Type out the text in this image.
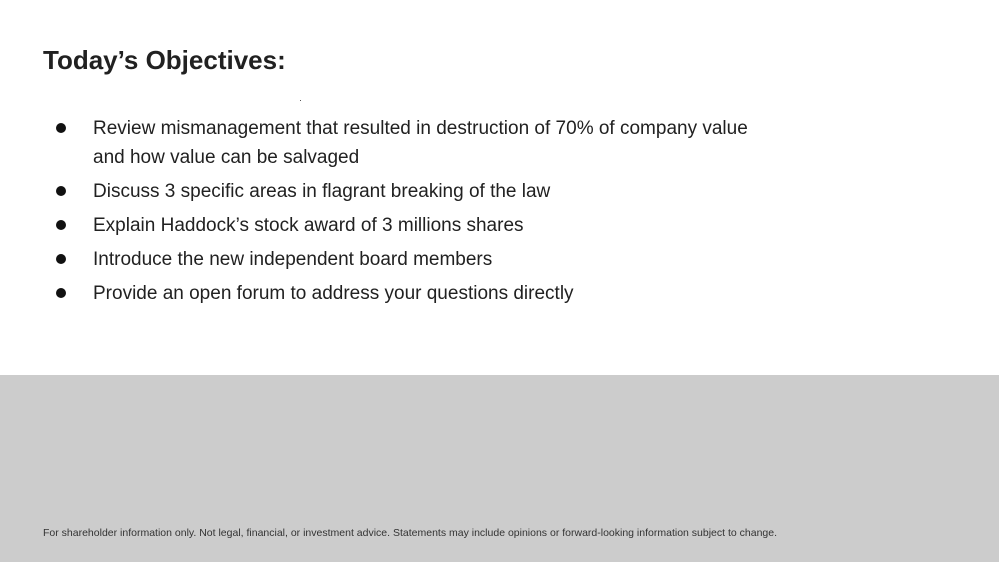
Today’s Objectives:
Review mismanagement that resulted in destruction of 70% of company value and how value can be salvaged
Discuss 3 specific areas in flagrant breaking of the law
Explain Haddock’s stock award of 3 millions shares
Introduce the new independent board members
Provide an open forum to address your questions directly

For shareholder information only. Not legal, financial, or investment advice. Statements may include opinions or forward-looking information subject to change.
